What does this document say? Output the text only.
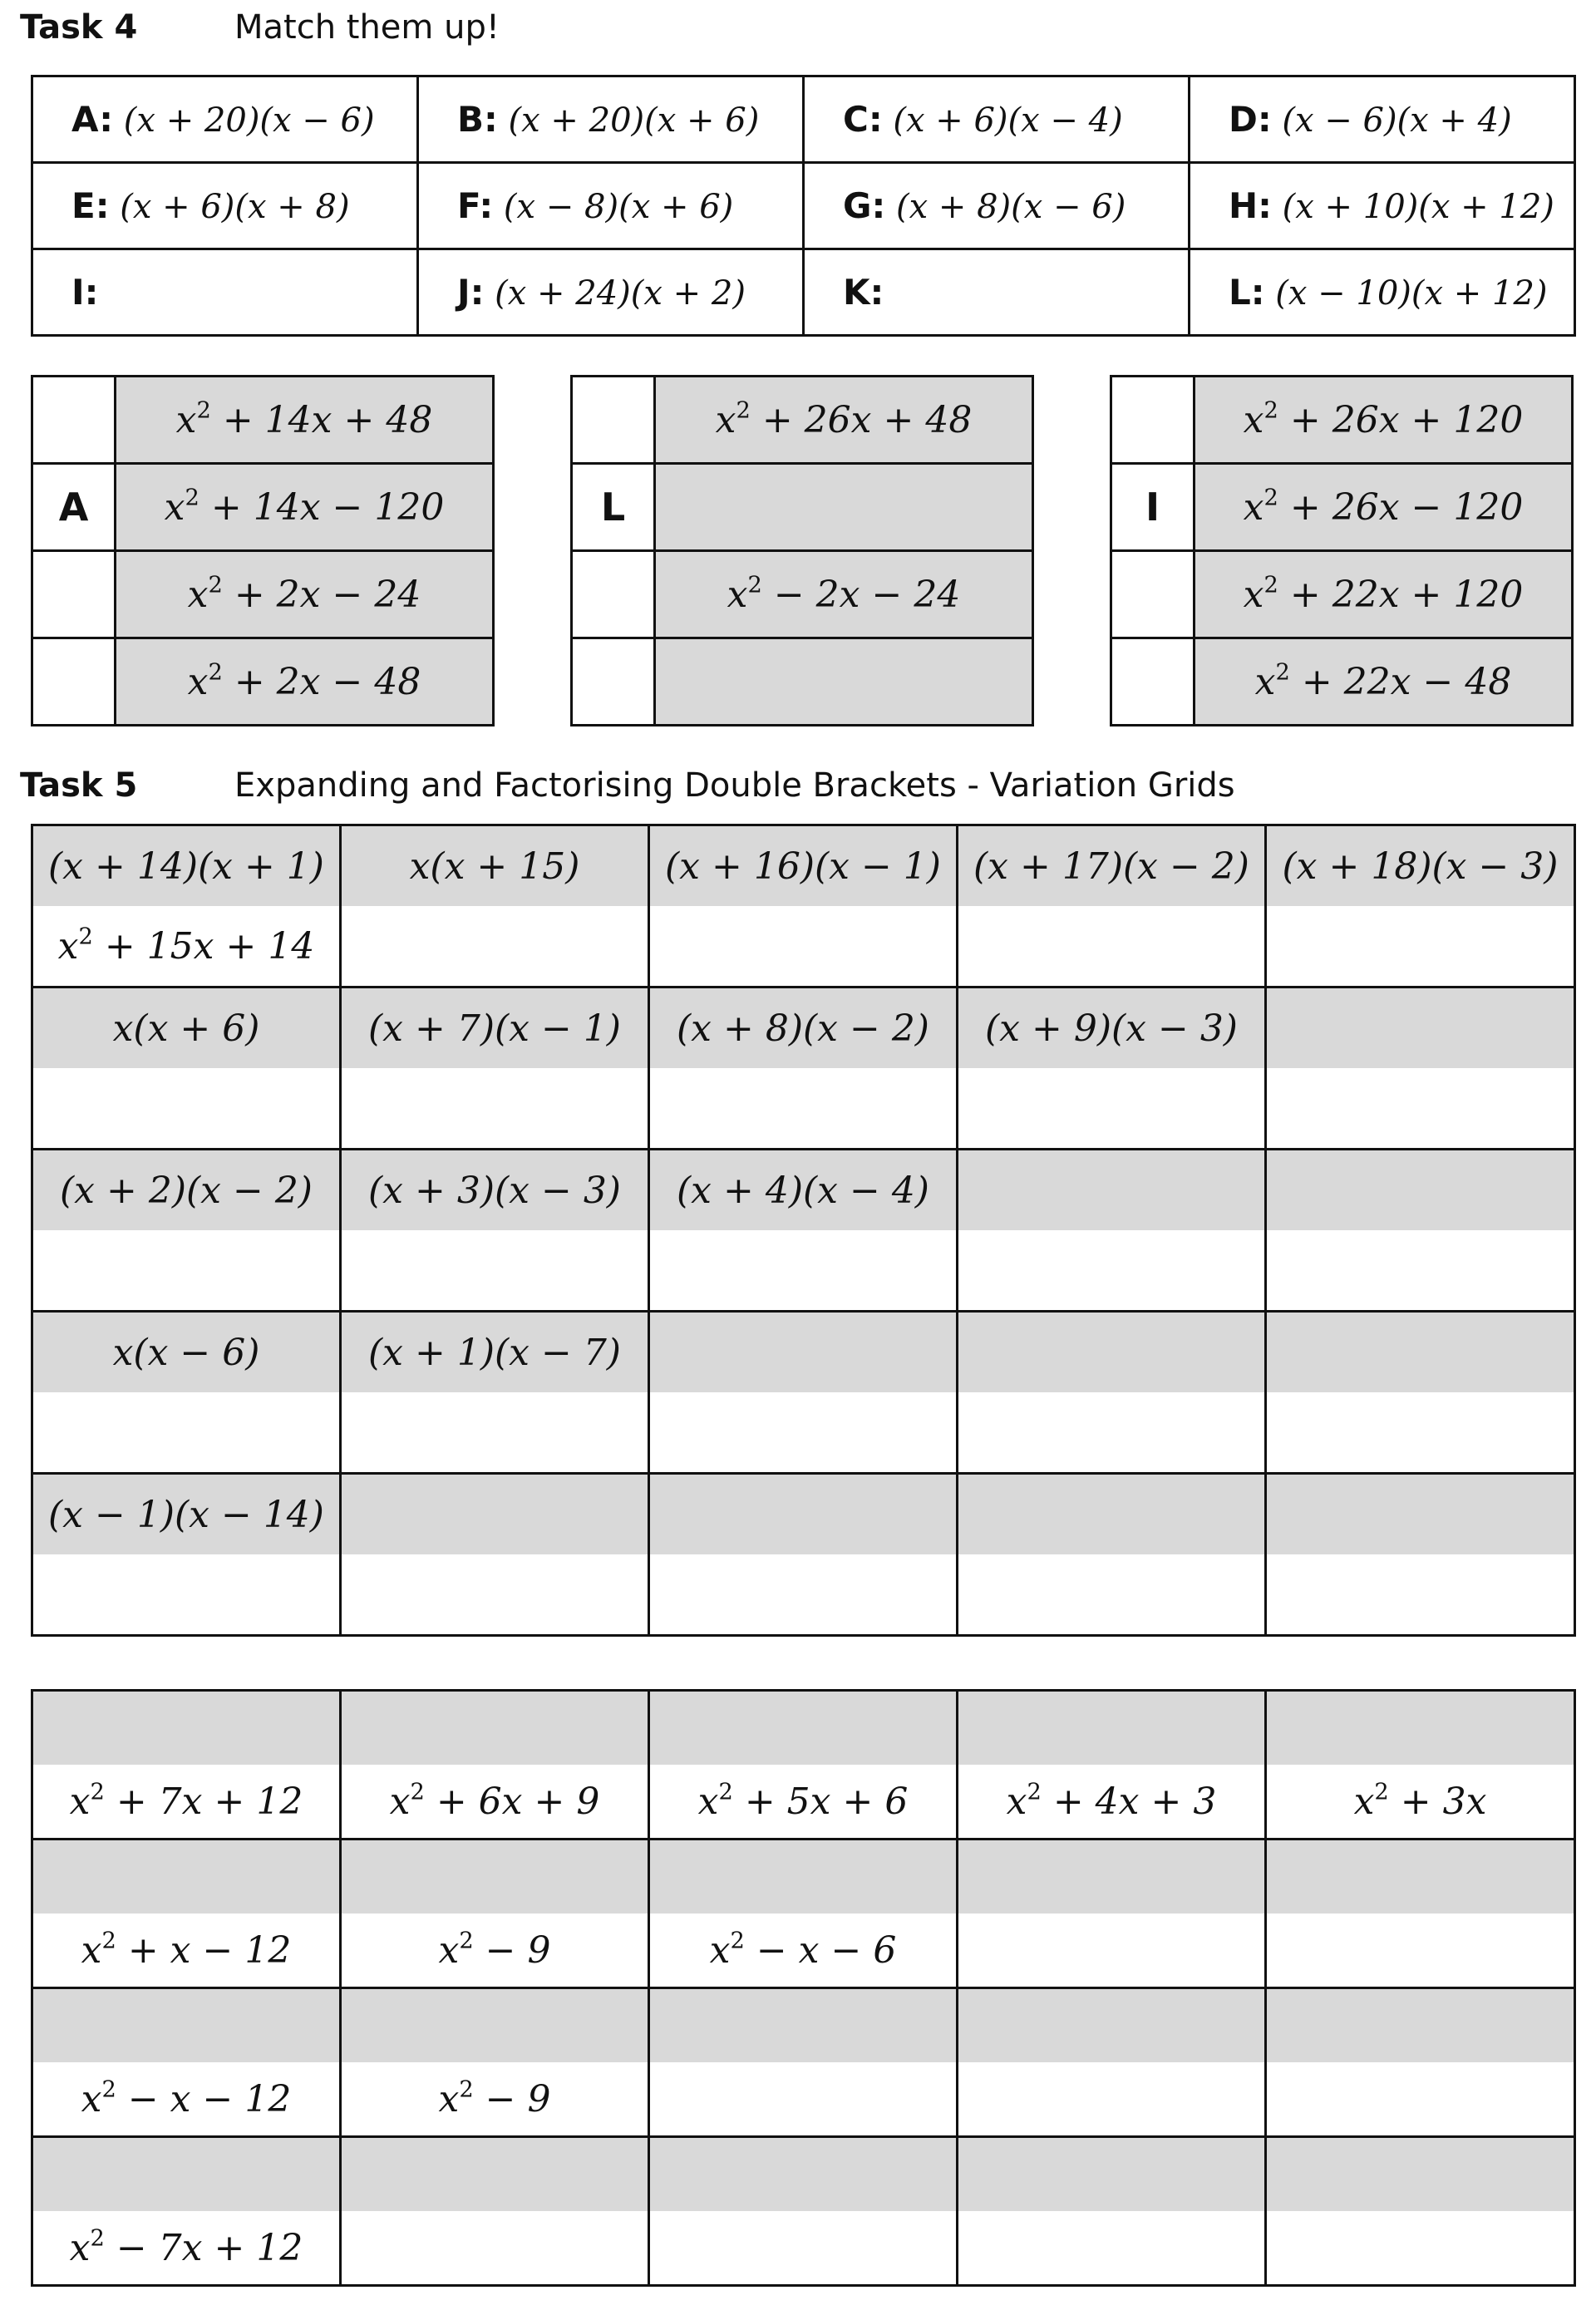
Task 4	Match them up!
A: (x + 20)(x − 6)	B: (x + 20)(x + 6)	C: (x + 6)(x − 4)	D: (x − 6)(x + 4)
E: (x + 6)(x + 8)	F: (x − 8)(x + 6)	G: (x + 8)(x − 6)	H: (x + 10)(x + 12)
I:	J: (x + 24)(x + 2)	K:	L: (x − 10)(x + 12)
	$x^2 + 14x + 48$
A	$x^2 + 14x - 120$
	$x^2 + 2x - 24$
	$x^2 + 2x - 48$
	$x^2 + 26x + 48$
L	
	$x^2 - 2x - 24$

	$x^2 + 26x + 120$
I	$x^2 + 26x - 120$
	$x^2 + 22x + 120$
	$x^2 + 22x - 48$
Task 5	Expanding and Factorising Double Brackets - Variation Grids
(x + 14)(x + 1)	x(x + 15)	(x + 16)(x − 1)	(x + 17)(x − 2)	(x + 18)(x − 3)
$x^2 + 15x + 14$				
x(x + 6)	(x + 7)(x − 1)	(x + 8)(x − 2)	(x + 9)(x − 3)	

(x + 2)(x − 2)	(x + 3)(x − 3)	(x + 4)(x − 4)		

x(x − 6)	(x + 1)(x − 7)			

(x − 1)(x − 14)				

$x^2 + 7x + 12$	$x^2 + 6x + 9$	$x^2 + 5x + 6$	$x^2 + 4x + 3$	$x^2 + 3x$

$x^2 + x - 12$	$x^2 - 9$	$x^2 - x - 6$		

$x^2 - x - 12$	$x^2 - 9$			

$x^2 - 7x + 12$				
